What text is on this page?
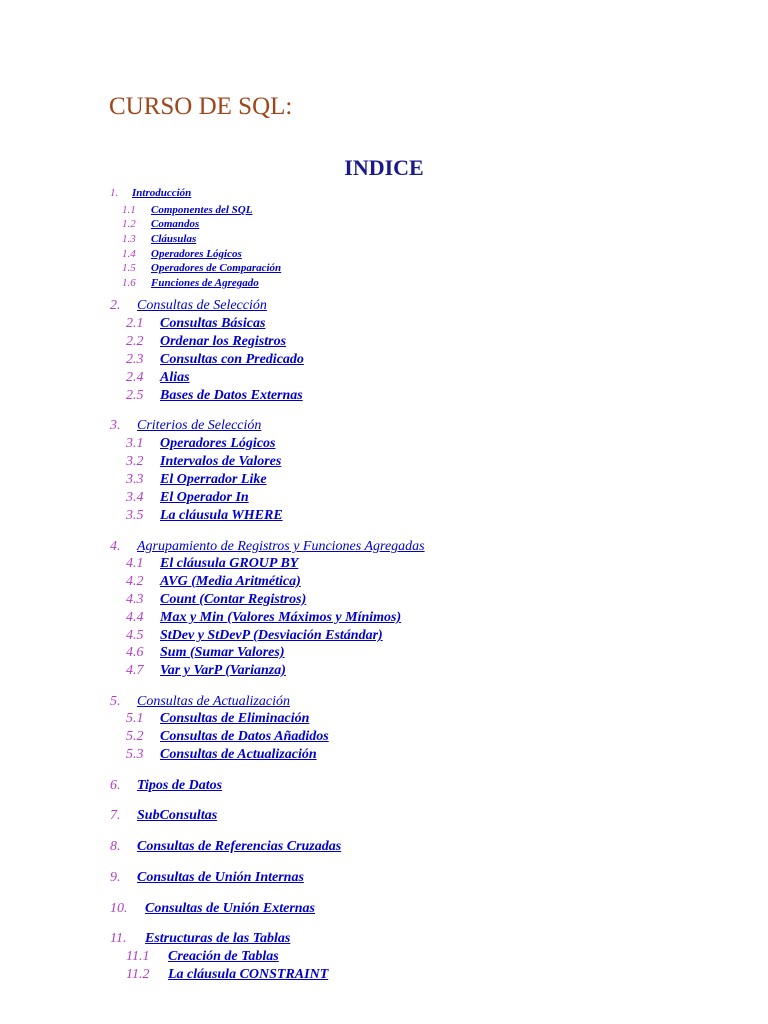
CURSO DE SQL:
INDICE
1. Introducción
1.1 Componentes del SQL
1.2 Comandos
1.3 Cláusulas
1.4 Operadores Lógicos
1.5 Operadores de Comparación
1.6 Funciones de Agregado
2. Consultas de Selección
2.1 Consultas Básicas
2.2 Ordenar los Registros
2.3 Consultas con Predicado
2.4 Alias
2.5 Bases de Datos Externas
3. Criterios de Selección
3.1 Operadores Lógicos
3.2 Intervalos de Valores
3.3 El Operrador Like
3.4 El Operador In
3.5 La cláusula WHERE
4. Agrupamiento de Registros y Funciones Agregadas
4.1 El cláusula GROUP BY
4.2 AVG (Media Aritmética)
4.3 Count (Contar Registros)
4.4 Max y Min (Valores Máximos y Mínimos)
4.5 StDev y StDevP (Desviación Estándar)
4.6 Sum (Sumar Valores)
4.7 Var y VarP (Varianza)
5. Consultas de Actualización
5.1 Consultas de Eliminación
5.2 Consultas de Datos Añadidos
5.3 Consultas de Actualización
6. Tipos de Datos
7. SubConsultas
8. Consultas de Referencias Cruzadas
9. Consultas de Unión Internas
10. Consultas de Unión Externas
11. Estructuras de las Tablas
11.1 Creación de Tablas
11.2 La cláusula CONSTRAINT
